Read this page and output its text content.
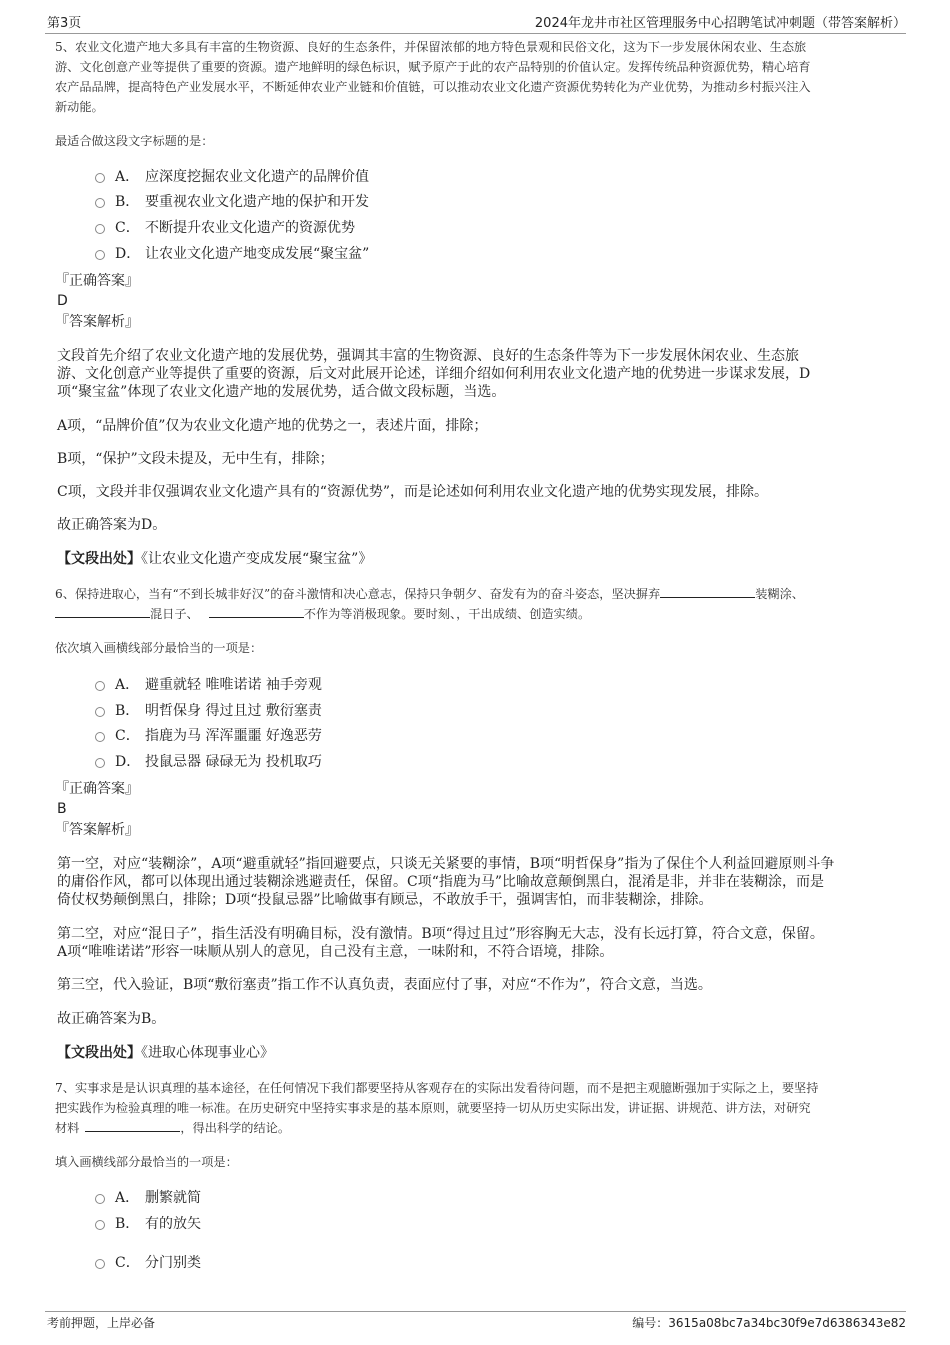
第3页	2024年龙井市社区管理服务中心招聘笔试冲刺题（带答案解析）

5、农业文化遗产地大多具有丰富的生物资源、良好的生态条件，并保留浓郁的地方特色景观和民俗文化，这为下一步发展休闲农业、生态旅

游、文化创意产业等提供了重要的资源。遗产地鲜明的绿色标识，赋予原产于此的农产品特别的价值认定。发挥传统品种资源优势，精心培育

农产品品牌，提高特色产业发展水平，不断延伸农业产业链和价值链，可以推动农业文化遗产资源优势转化为产业优势，为推动乡村振兴注入

新动能。

最适合做这段文字标题的是：

A． 应深度挖掘农业文化遗产的品牌价值
B． 要重视农业文化遗产地的保护和开发
C． 不断提升农业文化遗产的资源优势
D． 让农业文化遗产地变成发展“聚宝盆”

『正确答案』

D

『答案解析』

文段首先介绍了农业文化遗产地的发展优势，强调其丰富的生物资源、良好的生态条件等为下一步发展休闲农业、生态旅

游、文化创意产业等提供了重要的资源，后文对此展开论述，详细介绍如何利用农业文化遗产地的优势进一步谋求发展，D

项“聚宝盆”体现了农业文化遗产地的发展优势，适合做文段标题，当选。

A项，“品牌价值”仅为农业文化遗产地的优势之一，表述片面，排除；

B项，“保护”文段未提及，无中生有，排除；

C项，文段并非仅强调农业文化遗产具有的“资源优势”，而是论述如何利用农业文化遗产地的优势实现发展，排除。

故正确答案为D。

【文段出处】《让农业文化遗产变成发展“聚宝盆”》

6、保持进取心，当有“不到长城非好汉”的奋斗激情和决心意志，保持只争朝夕、奋发有为的奋斗姿态，坚决摒弃	装糊涂、

混日子、	不作为等消极现象。要时刻、，干出成绩、创造实绩。

依次填入画横线部分最恰当的一项是：

A． 避重就轻 唯唯诺诺 袖手旁观
B． 明哲保身 得过且过 敷衍塞责
C． 指鹿为马 浑浑噩噩 好逸恶劳
D． 投鼠忌器 碌碌无为 投机取巧

『正确答案』

B

『答案解析』

第一空，对应“装糊涂”，A项“避重就轻”指回避要点，只谈无关紧要的事情，B项“明哲保身”指为了保住个人利益回避原则斗争

的庸俗作风，都可以体现出通过装糊涂逃避责任，保留。C项“指鹿为马”比喻故意颠倒黑白，混淆是非，并非在装糊涂，而是

倚仗权势颠倒黑白，排除；D项“投鼠忌器”比喻做事有顾忌，不敢放手干，强调害怕，而非装糊涂，排除。

第二空，对应“混日子”，指生活没有明确目标，没有激情。B项“得过且过”形容胸无大志，没有长远打算，符合文意，保留。

A项“唯唯诺诺”形容一味顺从别人的意见，自己没有主意，一味附和，不符合语境，排除。

第三空，代入验证，B项“敷衍塞责”指工作不认真负责，表面应付了事，对应“不作为”，符合文意，当选。

故正确答案为B。

【文段出处】《进取心体现事业心》

7、实事求是是认识真理的基本途径，在任何情况下我们都要坚持从客观存在的实际出发看待问题，而不是把主观臆断强加于实际之上，要坚持

把实践作为检验真理的唯一标准。在历史研究中坚持实事求是的基本原则，就要坚持一切从历史实际出发，讲证据、讲规范、讲方法，对研究

材料	，得出科学的结论。

填入画横线部分最恰当的一项是：

A． 删繁就简
B． 有的放矢
C． 分门别类
考前押题，上岸必备	编号：3615a08bc7a34bc30f9e7d6386343e82
